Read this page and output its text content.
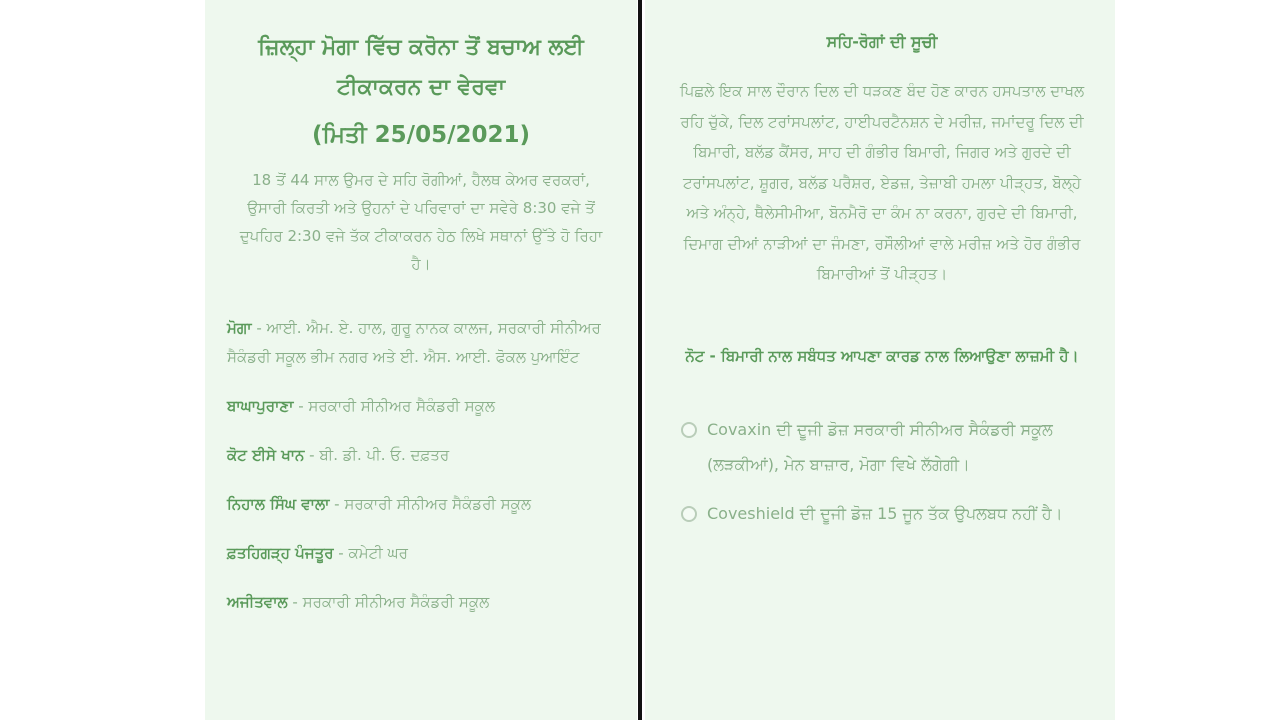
ਜ਼ਿਲ੍ਹਾ ਮੋਗਾ ਵਿੱਚ ਕਰੋਨਾ ਤੋਂ ਬਚਾਅ ਲਈ

ਟੀਕਾਕਰਨ ਦਾ ਵੇਰਵਾ

(ਮਿਤੀ 25/05/2021)

18 ਤੋਂ 44 ਸਾਲ ਉਮਰ ਦੇ ਸਹਿ ਰੋਗੀਆਂ, ਹੈਲਥ ਕੇਅਰ ਵਰਕਰਾਂ, ਉਸਾਰੀ ਕਿਰਤੀ ਅਤੇ ਉਹਨਾਂ ਦੇ ਪਰਿਵਾਰਾਂ ਦਾ ਸਵੇਰੇ 8:30 ਵਜੇ ਤੋਂ ਦੁਪਹਿਰ 2:30 ਵਜੇ ਤੱਕ ਟੀਕਾਕਰਨ ਹੇਠ ਲਿਖੇ ਸਥਾਨਾਂ ਉੱਤੇ ਹੋ ਰਿਹਾ ਹੈ।

ਮੋਗਾ - ਆਈ. ਐਮ. ਏ. ਹਾਲ, ਗੁਰੂ ਨਾਨਕ ਕਾਲਜ, ਸਰਕਾਰੀ ਸੀਨੀਅਰ ਸੈਕੰਡਰੀ ਸਕੂਲ ਭੀਮ ਨਗਰ ਅਤੇ ਈ. ਐਸ. ਆਈ. ਫੋਕਲ ਪੁਆਇੰਟ

ਬਾਘਾਪੁਰਾਣਾ - ਸਰਕਾਰੀ ਸੀਨੀਅਰ ਸੈਕੰਡਰੀ ਸਕੂਲ

ਕੋਟ ਈਸੇ ਖਾਨ - ਬੀ. ਡੀ. ਪੀ. ਓ. ਦਫ਼ਤਰ

ਨਿਹਾਲ ਸਿੰਘ ਵਾਲਾ - ਸਰਕਾਰੀ ਸੀਨੀਅਰ ਸੈਕੰਡਰੀ ਸਕੂਲ

ਫ਼ਤਹਿਗੜ੍ਹ ਪੰਜਤੂਰ - ਕਮੇਟੀ ਘਰ

ਅਜੀਤਵਾਲ - ਸਰਕਾਰੀ ਸੀਨੀਅਰ ਸੈਕੰਡਰੀ ਸਕੂਲ

ਸਹਿ-ਰੋਗਾਂ ਦੀ ਸੂਚੀ

ਪਿਛਲੇ ਇਕ ਸਾਲ ਦੌਰਾਨ ਦਿਲ ਦੀ ਧੜਕਣ ਬੰਦ ਹੋਣ ਕਾਰਨ ਹਸਪਤਾਲ ਦਾਖਲ ਰਹਿ ਚੁੱਕੇ, ਦਿਲ ਟਰਾਂਸਪਲਾਂਟ, ਹਾਈਪਰਟੈਨਸ਼ਨ ਦੇ ਮਰੀਜ਼, ਜਮਾਂਦਰੂ ਦਿਲ ਦੀ ਬਿਮਾਰੀ, ਬਲੱਡ ਕੈਂਸਰ, ਸਾਹ ਦੀ ਗੰਭੀਰ ਬਿਮਾਰੀ, ਜਿਗਰ ਅਤੇ ਗੁਰਦੇ ਦੀ ਟਰਾਂਸਪਲਾਂਟ, ਸ਼ੂਗਰ, ਬਲੱਡ ਪਰੈਸ਼ਰ, ਏਡਜ਼, ਤੇਜ਼ਾਬੀ ਹਮਲਾ ਪੀੜ੍ਹਤ, ਬੋਲ੍ਹੇ ਅਤੇ ਅੰਨ੍ਹੇ, ਥੈਲੇਸੀਮੀਆ, ਬੋਨਮੈਰੋ ਦਾ ਕੰਮ ਨਾ ਕਰਨਾ, ਗੁਰਦੇ ਦੀ ਬਿਮਾਰੀ, ਦਿਮਾਗ ਦੀਆਂ ਨਾੜੀਆਂ ਦਾ ਜੰਮਣਾ, ਰਸੌਲੀਆਂ ਵਾਲੇ ਮਰੀਜ਼ ਅਤੇ ਹੋਰ ਗੰਭੀਰ ਬਿਮਾਰੀਆਂ ਤੋਂ ਪੀੜ੍ਹਤ।

ਨੋਟ - ਬਿਮਾਰੀ ਨਾਲ ਸਬੰਧਤ ਆਪਣਾ ਕਾਰਡ ਨਾਲ ਲਿਆਉਣਾ ਲਾਜ਼ਮੀ ਹੈ।

Covaxin ਦੀ ਦੂਜੀ ਡੋਜ਼ ਸਰਕਾਰੀ ਸੀਨੀਅਰ ਸੈਕੰਡਰੀ ਸਕੂਲ (ਲੜਕੀਆਂ), ਮੇਨ ਬਾਜ਼ਾਰ, ਮੋਗਾ ਵਿਖੇ ਲੱਗੇਗੀ।
Coveshield ਦੀ ਦੂਜੀ ਡੋਜ਼ 15 ਜੂਨ ਤੱਕ ਉਪਲਬਧ ਨਹੀਂ ਹੈ।
